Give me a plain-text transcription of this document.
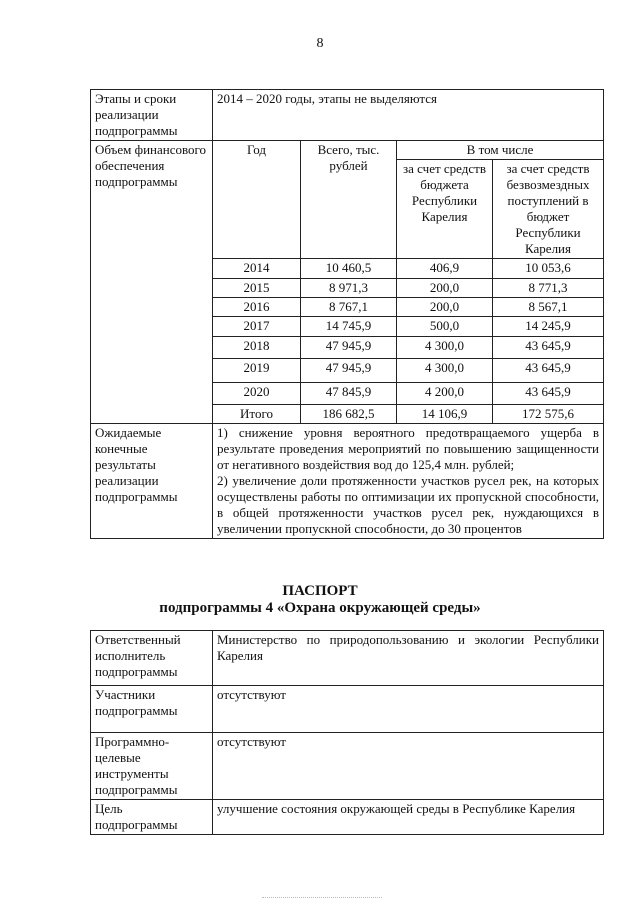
8
Этапы и сроки реализации подпрограммы	2014 – 2020 годы, этапы не выделяются			
Объем финансового обеспечения подпрограммы	Год	Всего, тыс. рублей	В том числе	
			за счет средств бюджета Республики Карелия	за счет средств безвозмездных поступлений в бюджет Республики Карелия
	2014	10 460,5	406,9	10 053,6
	2015	8 971,3	200,0	8 771,3
	2016	8 767,1	200,0	8 567,1
	2017	14 745,9	500,0	14 245,9
	2018	47 945,9	4 300,0	43 645,9
	2019	47 945,9	4 300,0	43 645,9
	2020	47 845,9	4 200,0	43 645,9
	Итого	186 682,5	14 106,9	172 575,6
Ожидаемые конечные результаты реализации подпрограммы	1) снижение уровня вероятного предотвращаемого ущерба в результате проведения мероприятий по повышению защищенности от негативного воздействия вод до 125,4 млн. рублей;
2) увеличение доли протяженности участков русел рек, на которых осуществлены работы по оптимизации их пропускной способности, в общей протяженности участков русел рек, нуждающихся в увеличении пропускной способности, до 30 процентов			
ПАСПОРТ
подпрограммы 4 «Охрана окружающей среды»
Ответственный исполнитель подпрограммы	Министерство по природопользованию и экологии Республики Карелия
Участники подпрограммы	отсутствуют
Программно-целевые инструменты подпрограммы	отсутствуют
Цель подпрограммы	улучшение состояния окружающей среды в Республике Карелия
